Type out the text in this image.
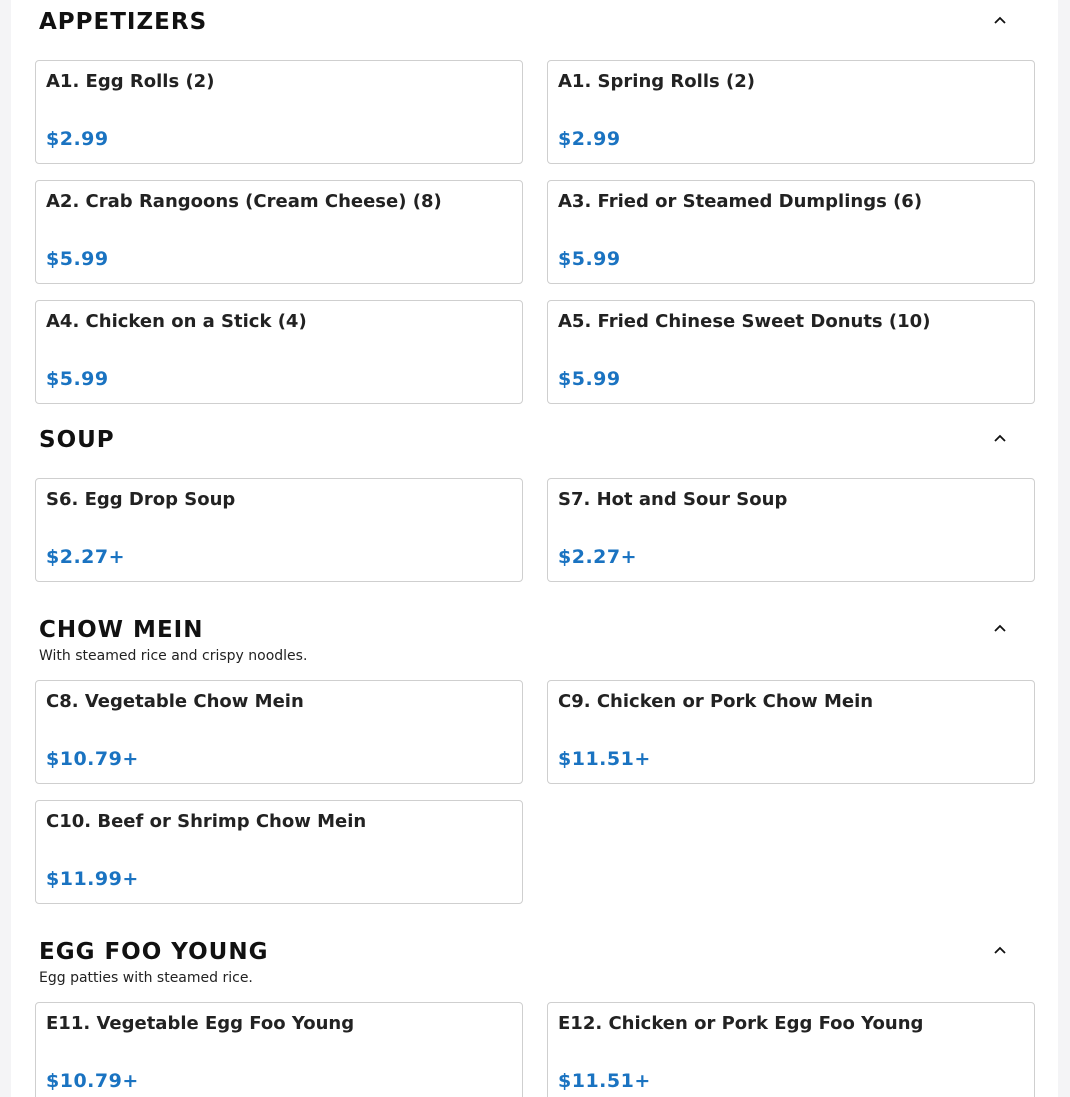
APPETIZERS

A1. Egg Rolls (2)

$2.99

A1. Spring Rolls (2)

$2.99

A2. Crab Rangoons (Cream Cheese) (8)

$5.99

A3. Fried or Steamed Dumplings (6)

$5.99

A4. Chicken on a Stick (4)

$5.99

A5. Fried Chinese Sweet Donuts (10)

$5.99
SOUP

S6. Egg Drop Soup

$2.27+

S7. Hot and Sour Soup

$2.27+
CHOW MEIN

With steamed rice and crispy noodles.

C8. Vegetable Chow Mein

$10.79+

C9. Chicken or Pork Chow Mein

$11.51+

C10. Beef or Shrimp Chow Mein

$11.99+
EGG FOO YOUNG

Egg patties with steamed rice.

E11. Vegetable Egg Foo Young

$10.79+

E12. Chicken or Pork Egg Foo Young

$11.51+
